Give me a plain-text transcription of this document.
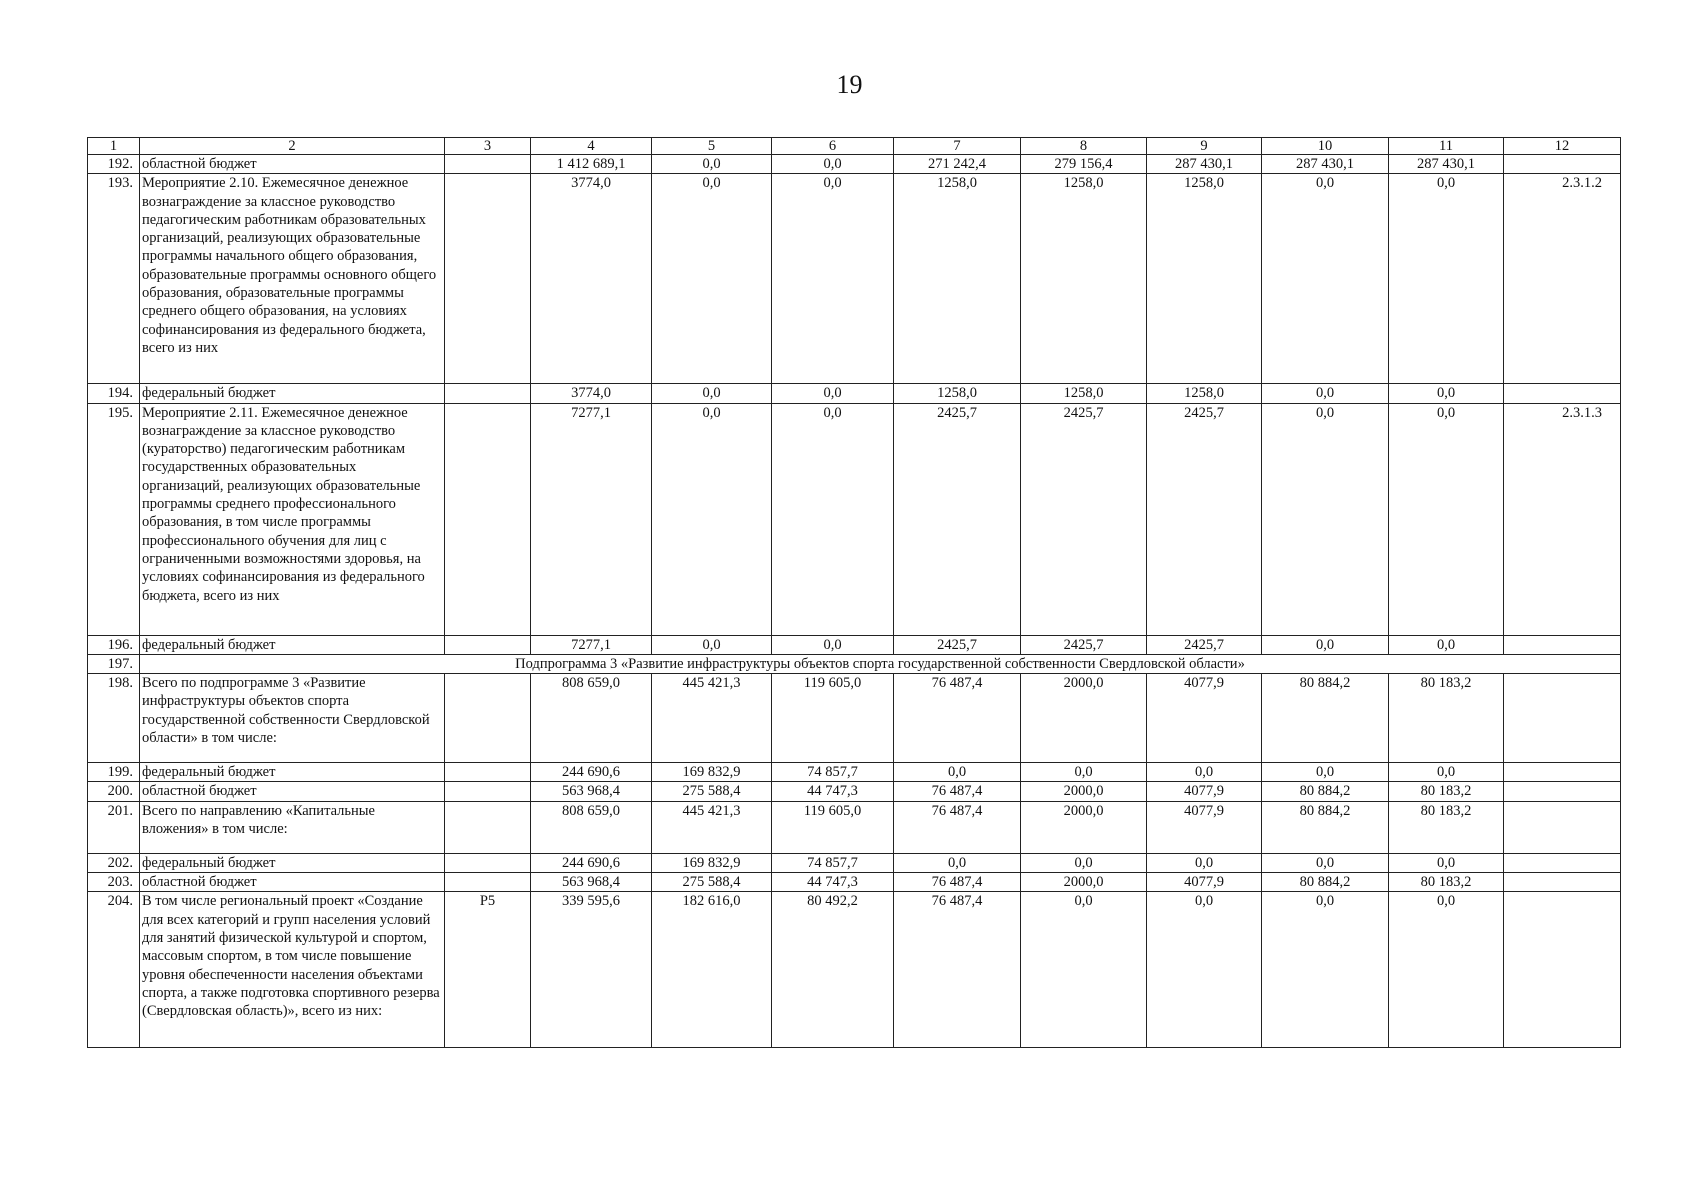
19
1	2	3	4	5	6	7	8	9	10	11	12
192.	областной бюджет		1 412 689,1	0,0	0,0	271 242,4	279 156,4	287 430,1	287 430,1	287 430,1	
193.	Мероприятие 2.10. Ежемесячное денежное вознаграждение за классное руководство педагогическим работникам образовательных организаций, реализующих образовательные программы начального общего образования, образовательные программы основного общего образования, образовательные программы среднего общего образования, на условиях софинансирования из федерального бюджета, всего из них		3774,0	0,0	0,0	1258,0	1258,0	1258,0	0,0	0,0	2.3.1.2
194.	федеральный бюджет		3774,0	0,0	0,0	1258,0	1258,0	1258,0	0,0	0,0	
195.	Мероприятие 2.11. Ежемесячное денежное вознаграждение за классное руководство (кураторство) педагогическим работникам государственных образовательных организаций, реализующих образовательные программы среднего профессионального образования, в том числе программы профессионального обучения для лиц с ограниченными возможностями здоровья, на условиях софинансирования из федерального бюджета, всего из них		7277,1	0,0	0,0	2425,7	2425,7	2425,7	0,0	0,0	2.3.1.3
196.	федеральный бюджет		7277,1	0,0	0,0	2425,7	2425,7	2425,7	0,0	0,0	
197.	Подпрограмма 3 «Развитие инфраструктуры объектов спорта государственной собственности Свердловской области»										
198.	Всего по подпрограмме 3 «Развитие инфраструктуры объектов спорта государственной собственности Свердловской области» в том числе:		808 659,0	445 421,3	119 605,0	76 487,4	2000,0	4077,9	80 884,2	80 183,2	
199.	федеральный бюджет		244 690,6	169 832,9	74 857,7	0,0	0,0	0,0	0,0	0,0	
200.	областной бюджет		563 968,4	275 588,4	44 747,3	76 487,4	2000,0	4077,9	80 884,2	80 183,2	
201.	Всего по направлению «Капитальные вложения» в том числе:		808 659,0	445 421,3	119 605,0	76 487,4	2000,0	4077,9	80 884,2	80 183,2	
202.	федеральный бюджет		244 690,6	169 832,9	74 857,7	0,0	0,0	0,0	0,0	0,0	
203.	областной бюджет		563 968,4	275 588,4	44 747,3	76 487,4	2000,0	4077,9	80 884,2	80 183,2	
204.	В том числе региональный проект «Создание для всех категорий и групп населения условий для занятий физической культурой и спортом, массовым спортом, в том числе повышение уровня обеспеченности населения объектами спорта, а также подготовка спортивного резерва (Свердловская область)», всего из них:	Р5	339 595,6	182 616,0	80 492,2	76 487,4	0,0	0,0	0,0	0,0	
